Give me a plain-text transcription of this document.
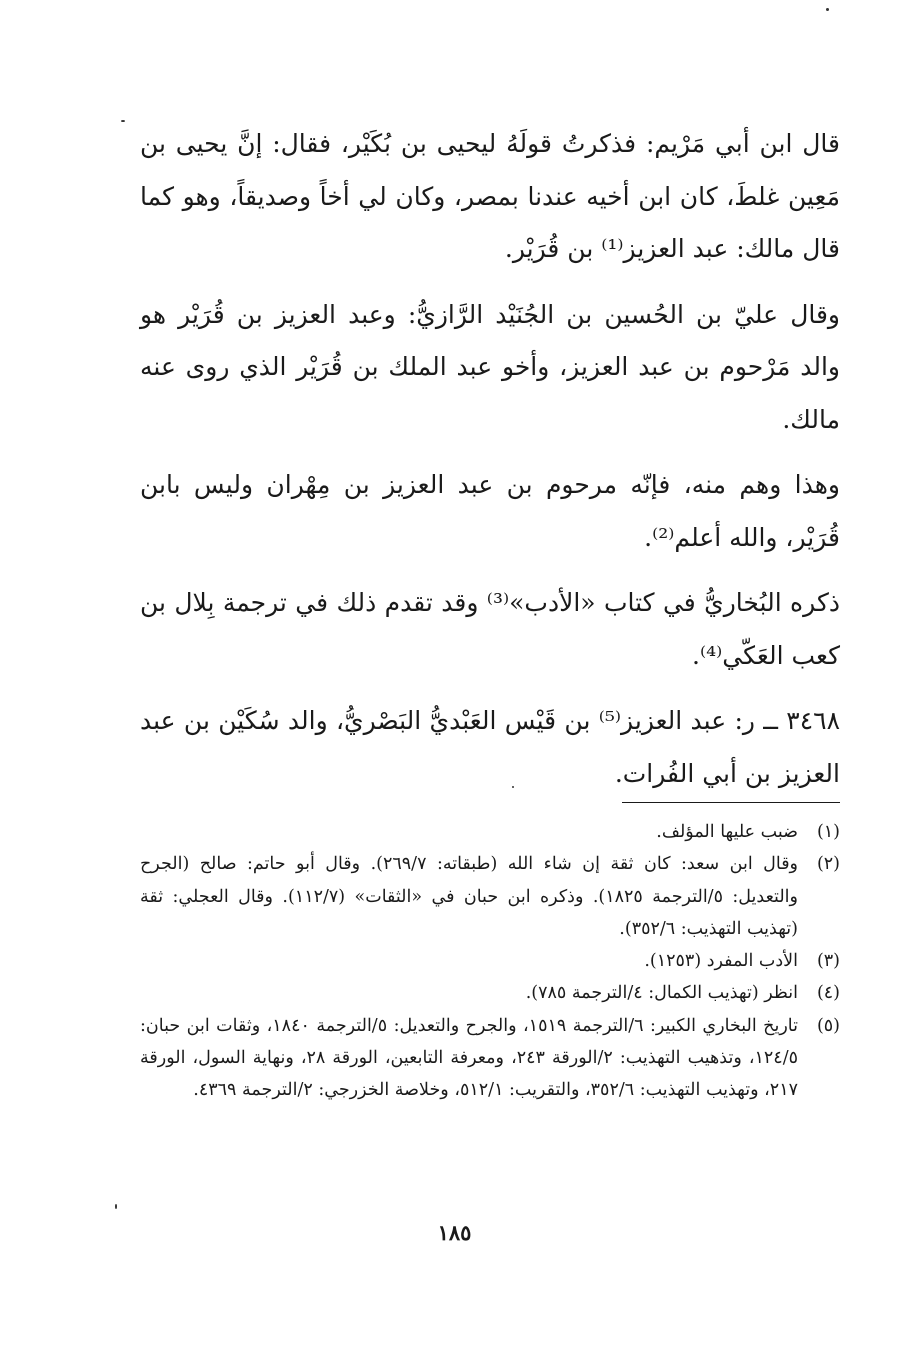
قال ابن أبي مَرْيم: فذكرتُ قولَهُ ليحيى بن بُكَيْر، فقال: إنَّ يحيى بن مَعِين غلطَ، كان ابن أخيه عندنا بمصر، وكان لي أخاً وصديقاً، وهو كما قال مالك: عبد العزيز⁽¹⁾ بن قُرَيْر.

وقال عليّ بن الحُسين بن الجُنَيْد الرَّازيُّ: وعبد العزيز بن قُرَيْر هو والد مَرْحوم بن عبد العزيز، وأخو عبد الملك بن قُرَيْر الذي روى عنه مالك.

وهذا وهم منه، فإنّه مرحوم بن عبد العزيز بن مِهْران وليس بابن قُرَيْر، والله أعلم⁽²⁾.

ذكره البُخاريُّ في كتاب «الأدب»⁽³⁾ وقد تقدم ذلك في ترجمة بِلال بن كعب العَكّي⁽⁴⁾.

٣٤٦٨ ــ ر: عبد العزيز⁽⁵⁾ بن قَيْس العَبْديُّ البَصْريُّ، والد سُكَيْن بن عبد العزيز بن أبي الفُرات.

(١)
ضبب عليها المؤلف.
(٢)
وقال ابن سعد: كان ثقة إن شاء الله (طبقاته: ٢٦٩/٧). وقال أبو حاتم: صالح (الجرح والتعديل: ٥/الترجمة ١٨٢٥). وذكره ابن حبان في «الثقات» (١١٢/٧). وقال العجلي: ثقة (تهذيب التهذيب: ٣٥٢/٦).
(٣)
الأدب المفرد (١٢٥٣).
(٤)
انظر (تهذيب الكمال: ٤/الترجمة ٧٨٥).
(٥)
تاريخ البخاري الكبير: ٦/الترجمة ١٥١٩، والجرح والتعديل: ٥/الترجمة ١٨٤٠، وثقات ابن حبان: ١٢٤/٥، وتذهيب التهذيب: ٢/الورقة ٢٤٣، ومعرفة التابعين، الورقة ٢٨، ونهاية السول، الورقة ٢١٧، وتهذيب التهذيب: ٣٥٢/٦، والتقريب: ٥١٢/١، وخلاصة الخزرجي: ٢/الترجمة ٤٣٦٩.
١٨٥
